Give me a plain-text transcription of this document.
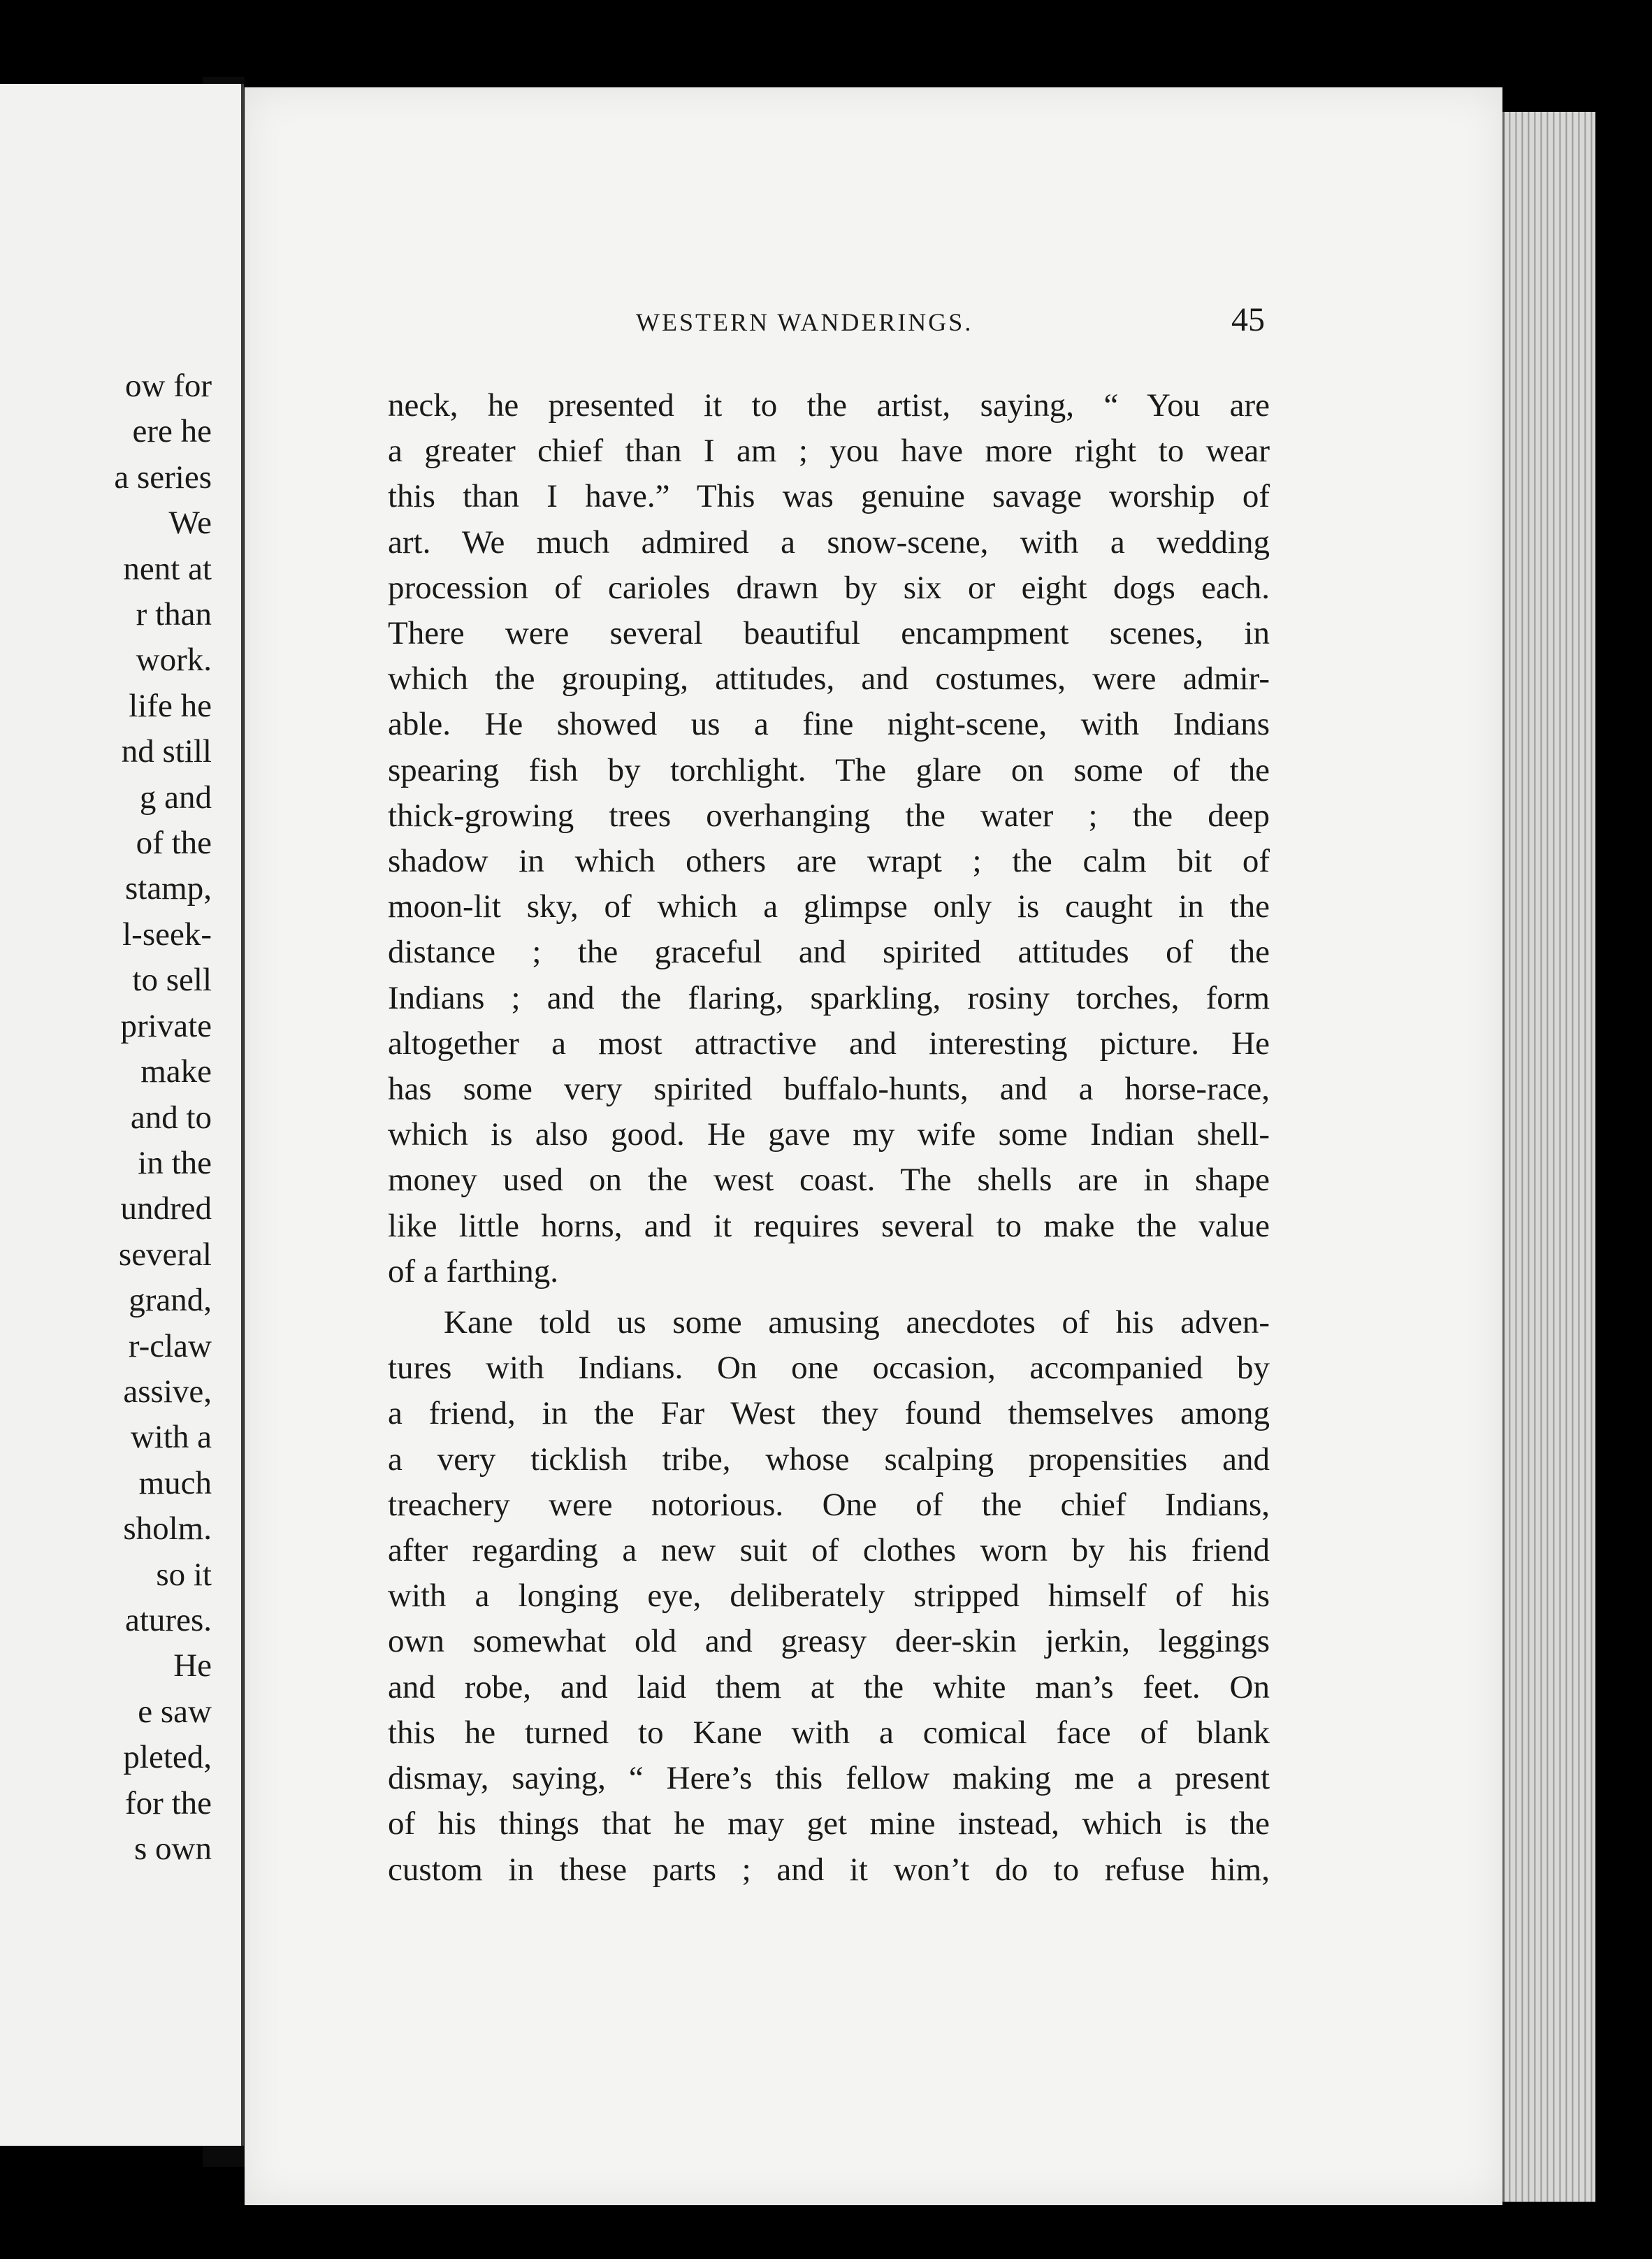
ow for
ere he
a series
We
nent at
r than
work.
life he
nd still
g and
of the
stamp,
l-seek-
to sell
private
make
and to
in the
undred
several
grand,
r-claw
assive,
with a
much
sholm.
so it
atures.
He
e saw
pleted,
for the
s own
WESTERN WANDERINGS.	45
neck, he presented it to the artist, saying, “ You are
a greater chief than I am ; you have more right to wear
this than I have.” This was genuine savage worship of
art. We much admired a snow-scene, with a wedding
procession of carioles drawn by six or eight dogs each.
There were several beautiful encampment scenes, in
which the grouping, attitudes, and costumes, were admir-
able. He showed us a fine night-scene, with Indians
spearing fish by torchlight. The glare on some of the
thick-growing trees overhanging the water ; the deep
shadow in which others are wrapt ; the calm bit of
moon-lit sky, of which a glimpse only is caught in the
distance ; the graceful and spirited attitudes of the
Indians ; and the flaring, sparkling, rosiny torches, form
altogether a most attractive and interesting picture. He
has some very spirited buffalo-hunts, and a horse-race,
which is also good. He gave my wife some Indian shell-
money used on the west coast. The shells are in shape
like little horns, and it requires several to make the value
of a farthing.
Kane told us some amusing anecdotes of his adven-
tures with Indians. On one occasion, accompanied by
a friend, in the Far West they found themselves among
a very ticklish tribe, whose scalping propensities and
treachery were notorious. One of the chief Indians,
after regarding a new suit of clothes worn by his friend
with a longing eye, deliberately stripped himself of his
own somewhat old and greasy deer-skin jerkin, leggings
and robe, and laid them at the white man’s feet. On
this he turned to Kane with a comical face of blank
dismay, saying, “ Here’s this fellow making me a present
of his things that he may get mine instead, which is the
custom in these parts ; and it won’t do to refuse him,
